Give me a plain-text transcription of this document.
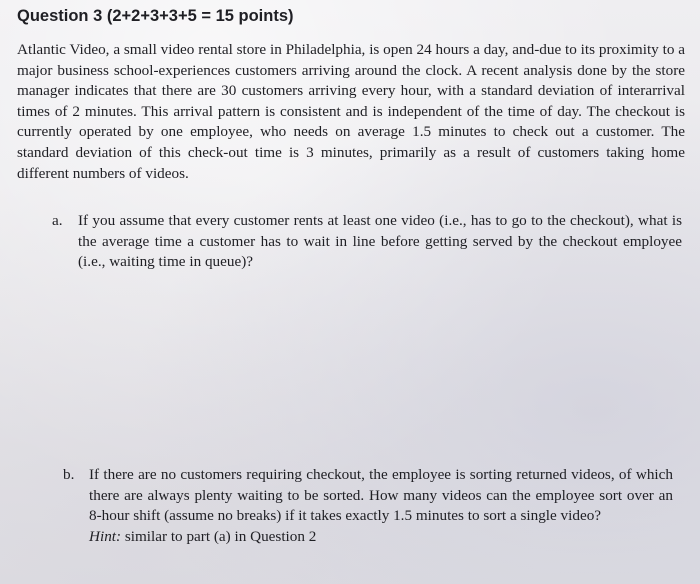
Question 3 (2+2+3+3+5 = 15 points)

Atlantic Video, a small video rental store in Philadelphia, is open 24 hours a day, and-due to its proximity to a major business school-experiences customers arriving around the clock. A recent analysis done by the store manager indicates that there are 30 customers arriving every hour, with a standard deviation of interarrival times of 2 minutes. This arrival pattern is consistent and is independent of the time of day. The checkout is currently operated by one employee, who needs on average 1.5 minutes to check out a customer. The standard deviation of this check-out time is 3 minutes, primarily as a result of customers taking home different numbers of videos.

a. If you assume that every customer rents at least one video (i.e., has to go to the checkout), what is the average time a customer has to wait in line before getting served by the checkout employee (i.e., waiting time in queue)?

b. If there are no customers requiring checkout, the employee is sorting returned videos, of which there are always plenty waiting to be sorted. How many videos can the employee sort over an 8-hour shift (assume no breaks) if it takes exactly 1.5 minutes to sort a single video?

Hint: similar to part (a) in Question 2
